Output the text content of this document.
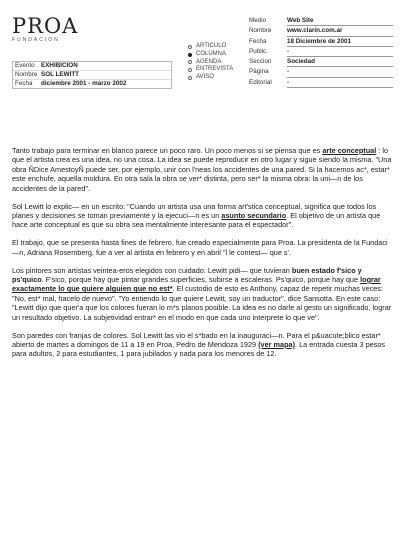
PROA
FUNDACION
Evento	EXHIBICION
Nombre SOL LEWITT
Fecha	diciembre 2001 - marzo 2002
ARTICULO
COLUMNA
AGENDA
ENTREVISTA
AVISO
Medio	Web Site
Nombre	www.clarin.com.ar
Fecha	18 Diciembre de 2001
Public.	-
Seccion	Sociedad
Página	-
Editorial	-

Tanto trabajo para terminar en blanco parece un poco raro. Un poco menos si se piensa que es arte conceptual : lo que el artista crea es una idea, no una cosa. La idea se puede reproducir en otro lugar y sigue siendo la misma. "Una obra ÑDice AmestoyÑ puede ser, por ejemplo, unir con l'neas los accidentes de una pared. Si la hacemos ac*, estar* este enchufe, aquella moldura. En otra sala la obra se ver* distinta, pero ser* la misma obra: la uni—n de los accidentes de la pared".

Sol Lewitt lo explic— en un escrito: "Cuando un artista usa una forma art'stica conceptual, significa que todos los planes y decisiones se toman previamente y la ejecuci—n es un asunto secundario. El objetivo de un artista que hace arte conceptual es que su obra sea mentalmente interesante para el espectador".

El trabajo, que se presenta hasta fines de febrero, fue creado especialmente para Proa. La presidenta de la Fundaci—n, Adriana Rosemberg, fue a ver al artista en febrero y en abril "l le contest— que s'.

Los pintores son artistas veintea-eros elegidos con cuidado: Lewitt pidi— que tuvieran buen estado f'sico y ps'quico. F'sico, porque hay que pintar grandes superficies, subirse a escaleras. Ps'quico, porque hay que lograr exactamente lo que quiere alguien que no est*. El custodio de esto es Anthony, capaz de repetir muchas veces: "No, est* mal, hacelo de nuevo". "Yo entiendo lo que quiere Lewitt, soy un traductor", dice Sansotta. En este caso: "Lewitt dijo que quer'a que los colores fueran lo m*s planos posible. La idea es no darle al gesto un significado, lograr un resultado objetivo. La subjetividad entrar* en el modo en que cada uno interprete lo que ve".

Son paredes con franjas de colores. Sol Lewitt las vio el s*bado en la inauguraci—n. Para el p&uacute;blico estar* abierto de martes a domingos de 11 a 19 en Proa, Pedro de Mendoza 1929 (ver mapa). La entrada cuesta 3 pesos para adultos, 2 para estudiantes, 1 para jubilados y nada para los menores de 12.
